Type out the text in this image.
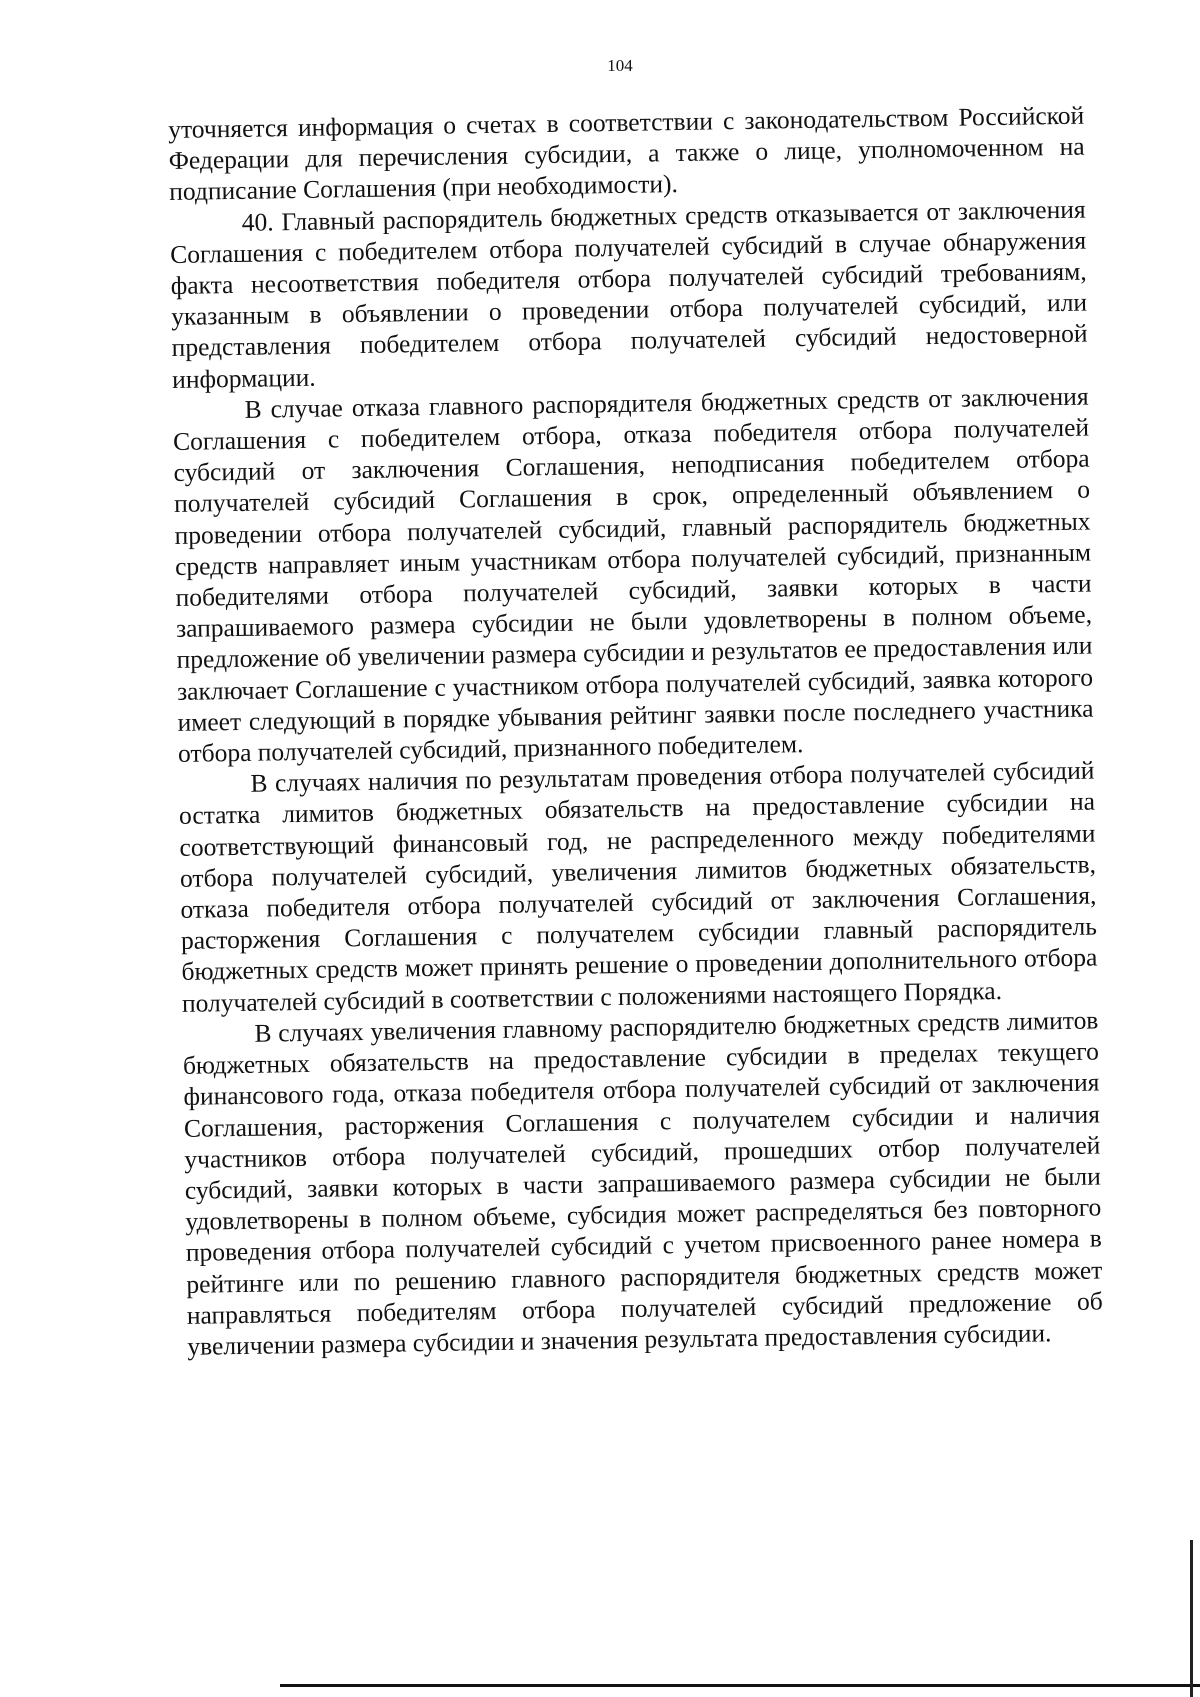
104

уточняется информация о счетах в соответствии с законодательством Российской Федерации для перечисления субсидии, а также о лице, уполномоченном на подписание Соглашения (при необходимости).

40. Главный распорядитель бюджетных средств отказывается от заключения Соглашения с победителем отбора получателей субсидий в случае обнаружения факта несоответствия победителя отбора получателей субсидий требованиям, указанным в объявлении о проведении отбора получателей субсидий, или представления победителем отбора получателей субсидий недостоверной информации.

В случае отказа главного распорядителя бюджетных средств от заключения Соглашения с победителем отбора, отказа победителя отбора получателей субсидий от заключения Соглашения, неподписания победителем отбора получателей субсидий Соглашения в срок, определенный объявлением о проведении отбора получателей субсидий, главный распорядитель бюджетных средств направляет иным участникам отбора получателей субсидий, признанным победителями отбора получателей субсидий, заявки которых в части запрашиваемого размера субсидии не были удовлетворены в полном объеме, предложение об увеличении размера субсидии и результатов ее предоставления или заключает Соглашение с участником отбора получателей субсидий, заявка которого имеет следующий в порядке убывания рейтинг заявки после последнего участника отбора получателей субсидий, признанного победителем.

В случаях наличия по результатам проведения отбора получателей субсидий остатка лимитов бюджетных обязательств на предоставление субсидии на соответствующий финансовый год, не распределенного между победителями отбора получателей субсидий, увеличения лимитов бюджетных обязательств, отказа победителя отбора получателей субсидий от заключения Соглашения, расторжения Соглашения с получателем субсидии главный распорядитель бюджетных средств может принять решение о проведении дополнительного отбора получателей субсидий в соответствии с положениями настоящего Порядка.

В случаях увеличения главному распорядителю бюджетных средств лимитов бюджетных обязательств на предоставление субсидии в пределах текущего финансового года, отказа победителя отбора получателей субсидий от заключения Соглашения, расторжения Соглашения с получателем субсидии и наличия участников отбора получателей субсидий, прошедших отбор получателей субсидий, заявки которых в части запрашиваемого размера субсидии не были удовлетворены в полном объеме, субсидия может распределяться без повторного проведения отбора получателей субсидий с учетом присвоенного ранее номера в рейтинге или по решению главного распорядителя бюджетных средств может направляться победителям отбора получателей субсидий предложение об увеличении размера субсидии и значения результата предоставления субсидии.
